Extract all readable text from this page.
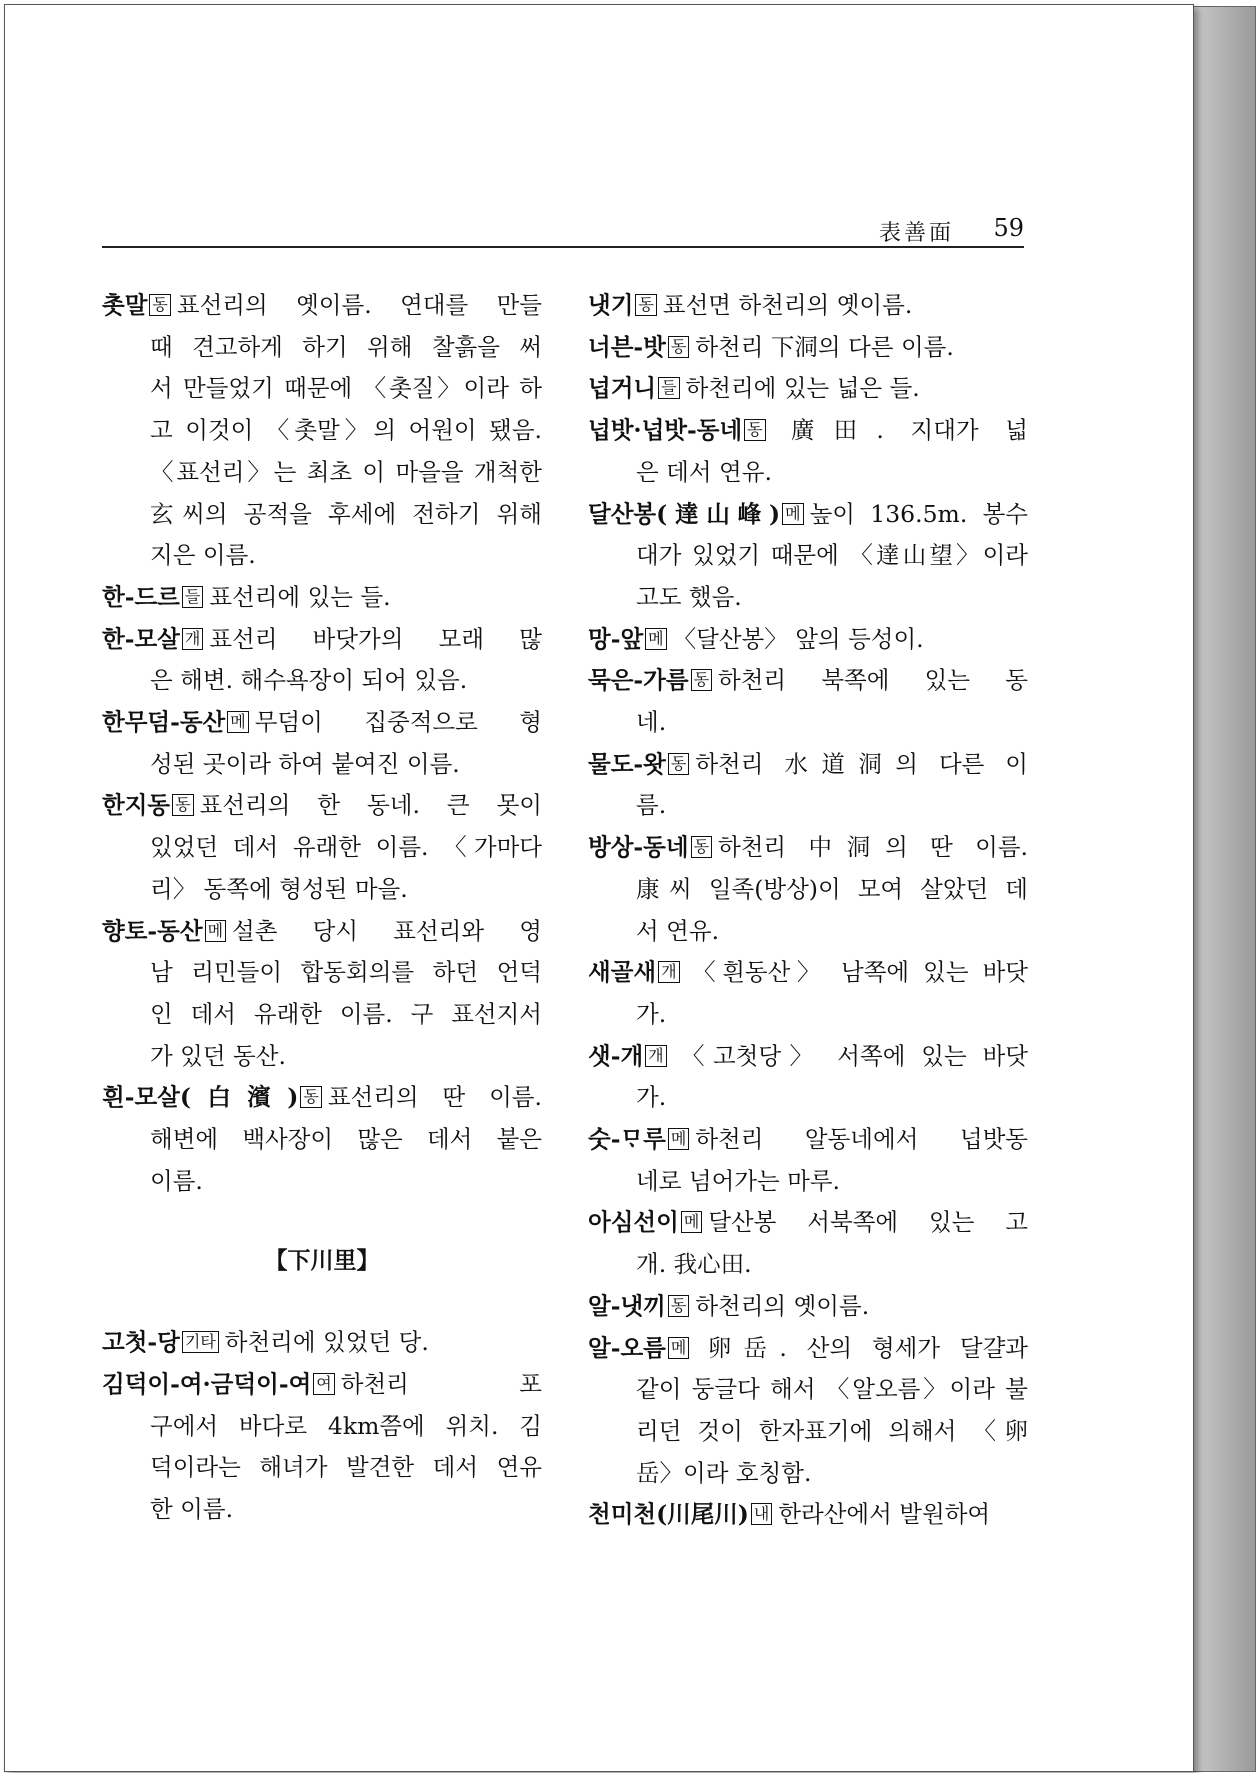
表善面 59
촛말 동 표선리의 옛이름. 연대를 만들
때 견고하게 하기 위해 찰흙을 써
서 만들었기 때문에 〈촛질〉이라 하
고 이것이 〈촛말〉의 어원이 됐음.
〈표선리〉는 최초 이 마을을 개척한
玄씨의 공적을 후세에 전하기 위해
지은 이름.
한-드르 들 표선리에 있는 들.
한-모살 개 표선리 바닷가의 모래 많
은 해변. 해수욕장이 되어 있음.
한무덤-동산 메 무덤이 집중적으로 형
성된 곳이라 하여 붙여진 이름.
한지동 동 표선리의 한 동네. 큰 못이
있었던 데서 유래한 이름. 〈가마다
리〉 동쪽에 형성된 마을.
향토-동산 메 설촌 당시 표선리와 영
남 리민들이 합동회의를 하던 언덕
인 데서 유래한 이름. 구 표선지서
가 있던 동산.
흰-모살(白濱) 동 표선리의 딴 이름.
해변에 백사장이 많은 데서 붙은
이름.
【下川里】
고첫-당 기타 하천리에 있었던 당.
김덕이-여·금덕이-여 여 하천리 포
구에서 바다로 4km쯤에 위치. 김
덕이라는 해녀가 발견한 데서 연유
한 이름.
냇기 동 표선면 하천리의 옛이름.
너븐-밧 동 하천리 下洞의 다른 이름.
넙거니 들 하천리에 있는 넓은 들.
넙밧·넙밧-동네 동 廣田. 지대가 넓
은 데서 연유.
달산봉(達山峰) 메 높이 136.5m. 봉수
대가 있었기 때문에 〈達山望〉이라
고도 했음.
망-앞 메 〈달산봉〉 앞의 등성이.
묵은-가름 동 하천리 북쪽에 있는 동
네.
물도-왓 동 하천리 水道洞의 다른 이
름.
방상-동네 동 하천리 中洞의 딴 이름.
康씨 일족(방상)이 모여 살았던 데
서 연유.
새골새 개 〈흰동산〉 남쪽에 있는 바닷
가.
샛-개 개 〈고첫당〉 서쪽에 있는 바닷
가.
숫-ᄆᆞ루 메 하천리 알동네에서 넙밧동
네로 넘어가는 마루.
아심선이 메 달산봉 서북쪽에 있는 고
개. 我心田.
알-냇끼 동 하천리의 옛이름.
알-오름 메 卵岳. 산의 형세가 달걀과
같이 둥글다 해서 〈알오름〉이라 불
리던 것이 한자표기에 의해서 〈卵
岳〉이라 호칭함.
천미천(川尾川) 내 한라산에서 발원하여
